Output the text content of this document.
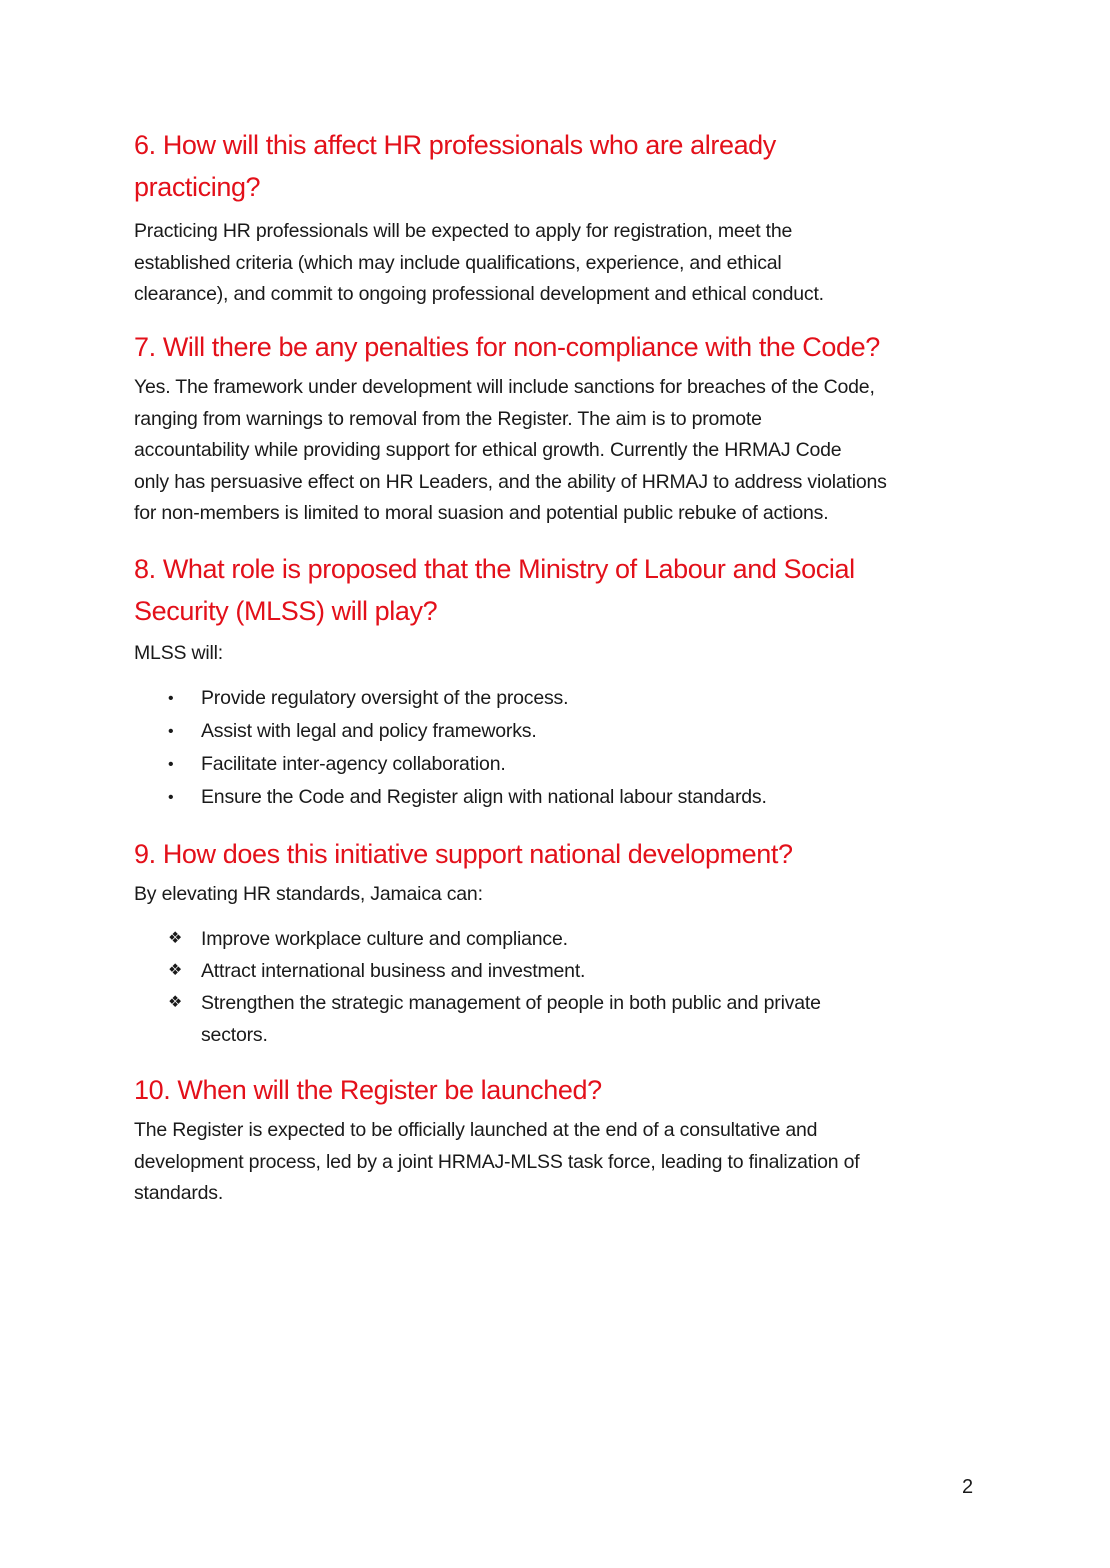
6. How will this affect HR professionals who are already
practicing?

Practicing HR professionals will be expected to apply for registration, meet the

established criteria (which may include qualifications, experience, and ethical

clearance), and commit to ongoing professional development and ethical conduct.

7. Will there be any penalties for non-compliance with the Code?

Yes. The framework under development will include sanctions for breaches of the Code,

ranging from warnings to removal from the Register. The aim is to promote

accountability while providing support for ethical growth. Currently the HRMAJ Code

only has persuasive effect on HR Leaders, and the ability of HRMAJ to address violations

for non-members is limited to moral suasion and potential public rebuke of actions.

8. What role is proposed that the Ministry of Labour and Social
Security (MLSS) will play?

MLSS will:

• Provide regulatory oversight of the process.
• Assist with legal and policy frameworks.
• Facilitate inter-agency collaboration.
• Ensure the Code and Register align with national labour standards.
9. How does this initiative support national development?

By elevating HR standards, Jamaica can:

❖ Improve workplace culture and compliance.
❖ Attract international business and investment.
❖ Strengthen the strategic management of people in both public and private
sectors.
10. When will the Register be launched?

The Register is expected to be officially launched at the end of a consultative and

development process, led by a joint HRMAJ-MLSS task force, leading to finalization of

standards.

2
